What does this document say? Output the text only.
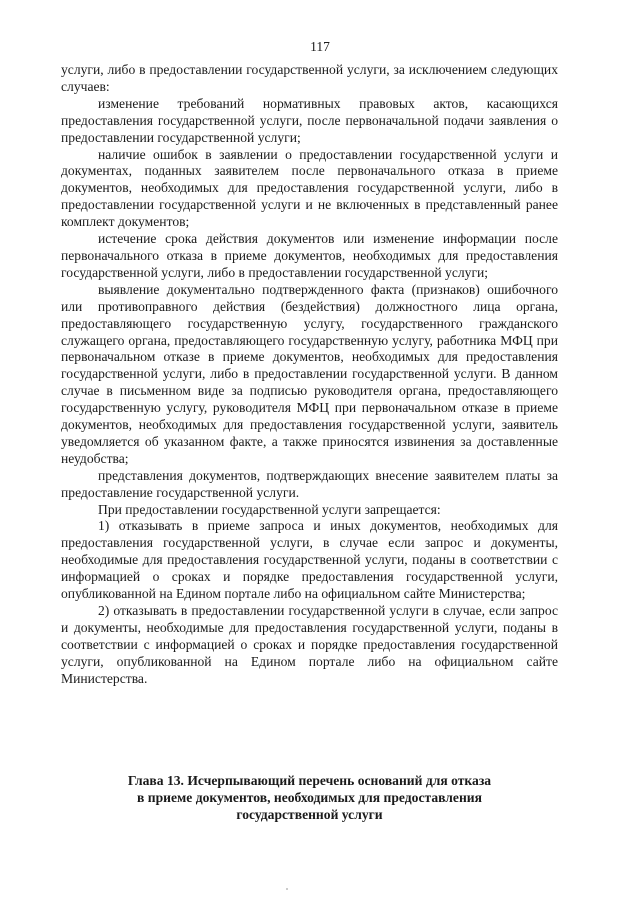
117

услуги, либо в предоставлении государственной услуги, за исключением следующих случаев:

изменение требований нормативных правовых актов, касающихся предоставления государственной услуги, после первоначальной подачи заявления о предоставлении государственной услуги;

наличие ошибок в заявлении о предоставлении государственной услуги и документах, поданных заявителем после первоначального отказа в приеме документов, необходимых для предоставления государственной услуги, либо в предоставлении государственной услуги и не включенных в представленный ранее комплект документов;

истечение срока действия документов или изменение информации после первоначального отказа в приеме документов, необходимых для предоставления государственной услуги, либо в предоставлении государственной услуги;

выявление документально подтвержденного факта (признаков) ошибочного или противоправного действия (бездействия) должностного лица органа, предоставляющего государственную услугу, государственного гражданского служащего органа, предоставляющего государственную услугу, работника МФЦ при первоначальном отказе в приеме документов, необходимых для предоставления государственной услуги, либо в предоставлении государственной услуги. В данном случае в письменном виде за подписью руководителя органа, предоставляющего государственную услугу, руководителя МФЦ при первоначальном отказе в приеме документов, необходимых для предоставления государственной услуги, заявитель уведомляется об указанном факте, а также приносятся извинения за доставленные неудобства;

представления документов, подтверждающих внесение заявителем платы за предоставление государственной услуги.

При предоставлении государственной услуги запрещается:

1) отказывать в приеме запроса и иных документов, необходимых для предоставления государственной услуги, в случае если запрос и документы, необходимые для предоставления государственной услуги, поданы в соответствии с информацией о сроках и порядке предоставления государственной услуги, опубликованной на Едином портале либо на официальном сайте Министерства;

2) отказывать в предоставлении государственной услуги в случае, если запрос и документы, необходимые для предоставления государственной услуги, поданы в соответствии с информацией о сроках и порядке предоставления государственной услуги, опубликованной на Едином портале либо на официальном сайте Министерства.

Глава 13. Исчерпывающий перечень оснований для отказа
в приеме документов, необходимых для предоставления
государственной услуги
